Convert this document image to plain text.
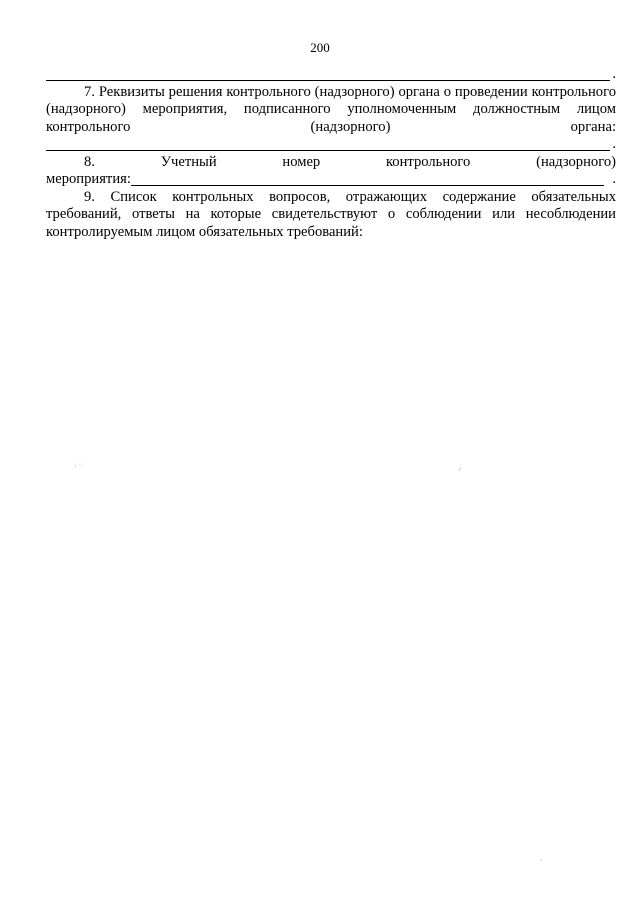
200
.
7. Реквизиты решения контрольного (надзорного) органа о проведении контрольного (надзорного) мероприятия, подписанного уполномоченным должностным лицом контрольного (надзорного) органа:
.
8. Учетный номер контрольного (надзорного)
мероприятия:	.
9. Список контрольных вопросов, отражающих содержание обязательных требований, ответы на которые свидетельствуют о соблюдении или несоблюдении контролируемым лицом обязательных требований:
· ˙	·̇
·
